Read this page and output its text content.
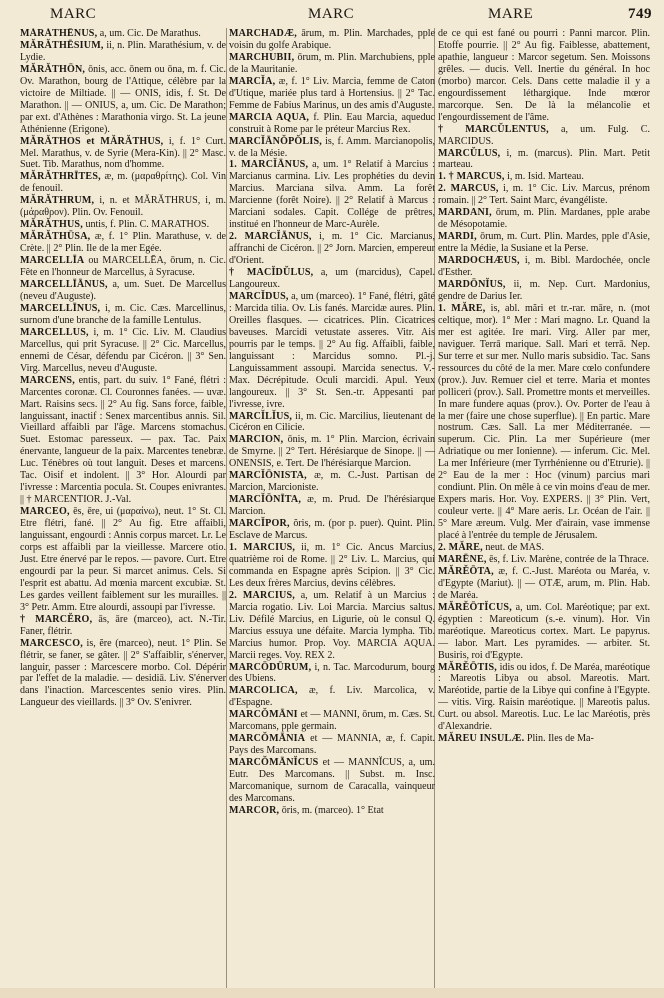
MARC	MARC	MARE	749

MĂRĂTHĒNUS, a, um. Cic. De Marathus.

MĂRĂTHĒSIUM, ii, n. Plin. Marathésium, v. de Lydie.

MĂRĂTHŌN, ōnis, acc. ōnem ou ōna, m. f. Cic. Ov. Marathon, bourg de l'Attique, célèbre par la victoire de Miltiade. || — ONIS, idis, f. St. De Marathon. || — ONIUS, a, um. Cic. De Marathon; par ext. d'Athènes : Marathonia virgo. St. La jeune Athénienne (Erigone).

MĂRĂTHOS et MĂRĂTHUS, i, f. 1° Curt. Mel. Marathus, v. de Syrie (Mera-Kin). || 2° Masc. Suet. Tib. Marathus, nom d'homme.

MĂRĂTHRĪTES, æ, m. (μαραθρίτης). Col. Vin de fenouil.

MĂRĂTHRUM, i, n. et MĂRĂTHRUS, i, m. (μάραθρον). Plin. Ov. Fenouil.

MĂRĂTHUS, untis, f. Plin. C. MARATHOS.

MĂRĂTHŪSA, æ, f. 1° Plin. Marathuse, v. de Crète. || 2° Plin. Ile de la mer Egée.

MARCELLĪA ou MARCELLĒA, ōrum, n. Cic. Fête en l'honneur de Marcellus, à Syracuse.

MARCELLĪĀNUS, a, um. Suet. De Marcellus (neveu d'Auguste).

MARCELLĪNUS, i, m. Cic. Cæs. Marcellinus, surnom d'une branche de la famille Lentulus.

MARCELLUS, i, m. 1° Cic. Liv. M. Claudius Marcellus, qui prit Syracuse. || 2° Cic. Marcellus, ennemi de César, défendu par Cicéron. || 3° Sen. Virg. Marcellus, neveu d'Auguste.

MARCENS, entis, part. du suiv. 1° Fané, flétri : Marcentes coronæ. Cl. Couronnes fanées. — uvæ. Mart. Raisins secs. || 2° Au fig. Sans force, faible, languissant, inactif : Senex marcentibus annis. Sil. Vieillard affaibli par l'âge. Marcens stomachus. Suet. Estomac paresseux. — pax. Tac. Paix énervante, langueur de la paix. Marcentes tenebræ. Luc. Ténèbres où tout languit. Deses et marcens. Tac. Oisif et indolent. || 3° Hor. Alourdi par l'ivresse : Marcentia pocula. St. Coupes enivrantes. || † MARCENTIOR. J.-Val.

MARCEO, ēs, ēre, ui (μαραίνω), neut. 1° St. Cl. Etre flétri, fané. || 2° Au fig. Etre affaibli, languissant, engourdi : Annis corpus marcet. Lr. Le corps est affaibli par la vieillesse. Marcere otio. Just. Etre énervé par le repos. — pavore. Curt. Etre engourdi par la peur. Si marcet animus. Cels. Si l'esprit est abattu. Ad mœnia marcent excubiæ. St. Les gardes veillent faiblement sur les murailles. || 3° Petr. Amm. Etre alourdi, assoupi par l'ivresse.

† MARCĔRO, ās, āre (marceo), act. N.-Tir. Faner, flétrir.

MARCESCO, is, ĕre (marceo), neut. 1° Plin. Se flétrir, se faner, se gâter. || 2° S'affaiblir, s'énerver, languir, passer : Marcescere morbo. Col. Dépérir par l'effet de la maladie. — desidiā. Liv. S'énerver dans l'inaction. Marcescentes senio vires. Plin. Langueur des vieillards. || 3° Ov. S'enivrer.

MARCHADÆ, ārum, m. Plin. Marchades, pple voisin du golfe Arabique.

MARCHUBII, ōrum, m. Plin. Marchubiens, pple de la Mauritanie.

MARCĬA, æ, f. 1° Liv. Marcia, femme de Caton d'Utique, mariée plus tard à Hortensius. || 2° Tac. Femme de Fabius Marinus, un des amis d'Auguste.

MARCIA AQUA, f. Plin. Eau Marcia, aqueduc construit à Rome par le préteur Marcius Rex.

MARCĬĀNŎPŎLIS, is, f. Amm. Marcianopolis, v. de la Mésie.

1. MARCĬĀNUS, a, um. 1° Relatif à Marcius : Marcianus carmina. Liv. Les prophéties du devin Marcius. Marciana silva. Amm. La forêt Marcienne (forêt Noire). || 2° Relatif à Marcus : Marciani sodales. Capit. Collége de prêtres, institué en l'honneur de Marc-Aurèle.

2. MARCĬĀNUS, i, m. 1° Cic. Marcianus, affranchi de Cicéron. || 2° Jorn. Marcien, empereur d'Orient.

† MACĬDŬLUS, a, um (marcidus), Capel. Langoureux.

MARCĬDUS, a, um (marceo). 1° Fané, flétri, gâté : Marcida tilia. Ov. Lis fanés. Marcidæ aures. Plin. Oreilles flasques. — cicatrices. Plin. Cicatrices baveuses. Marcidi vetustate asseres. Vitr. Ais pourris par le temps. || 2° Au fig. Affaibli, faible, languissant : Marcidus somno. Pl.-j. Languissamment assoupi. Marcida senectus. V.-Max. Décrépitude. Oculi marcidi. Apul. Yeux langoureux. || 3° St. Sen.-tr. Appesanti par l'ivresse, ivre.

MARCĬLĬUS, ii, m. Cic. Marcilius, lieutenant de Cicéron en Cilicie.

MARCION, ōnis, m. 1° Plin. Marcion, écrivain de Smyrne. || 2° Tert. Hérésiarque de Sinope. || — ONENSIS, e. Tert. De l'hérésiarque Marcion.

MARCĬŌNISTA, æ, m. C.-Just. Partisan de Marcion, Marcioniste.

MARCĬŌNĪTA, æ, m. Prud. De l'hérésiarque Marcion.

MARCĬPOR, ŏris, m. (por p. puer). Quint. Plin. Esclave de Marcus.

1. MARCIUS, ii, m. 1° Cic. Ancus Marcius, quatrième roi de Rome. || 2° Liv. L. Marcius, qui commanda en Espagne après Scipion. || 3° Cic. Les deux frères Marcius, devins célèbres.

2. MARCIUS, a, um. Relatif à un Marcius : Marcia rogatio. Liv. Loi Marcia. Marcius saltus. Liv. Défilé Marcius, en Ligurie, où le consul Q. Marcius essuya une défaite. Marcia lympha. Tib. Marcius humor. Prop. Voy. MARCIA AQUA. Marcii reges. Voy. REX 2.

MARCŌDŪRUM, i, n. Tac. Marcodurum, bourg des Ubiens.

MARCOLICA, æ, f. Liv. Marcolica, v. d'Espagne.

MARCŎMĀNI et — MANNI, ōrum, m. Cæs. St. Marcomans, pple germain.

MARCŎMĀNIA et — MANNIA, æ, f. Capit. Pays des Marcomans.

MARCŎMĀNĬCUS et — MANNĬCUS, a, um. Eutr. Des Marcomans. || Subst. m. Insc. Marcomanique, surnom de Caracalla, vainqueur des Marcomans.

MARCOR, ōris, m. (marceo). 1° Etat

de ce qui est fané ou pourri : Panni marcor. Plin. Etoffe pourrie. || 2° Au fig. Faiblesse, abattement, apathie, langueur : Marcor segetum. Sen. Moissons grêles. — ducis. Vell. Inertie du général. In hoc (morbo) marcor. Cels. Dans cette maladie il y a engourdissement léthargique. Inde mœror marcorque. Sen. De là la mélancolie et l'engourdissement de l'âme.

† MARCŬLENTUS, a, um. Fulg. C. MARCIDUS.

MARCŬLUS, i, m. (marcus). Plin. Mart. Petit marteau.

1. † MARCUS, i, m. Isid. Marteau.

2. MARCUS, i, m. 1° Cic. Liv. Marcus, prénom romain. || 2° Tert. Saint Marc, évangéliste.

MARDANI, ōrum, m. Plin. Mardanes, pple arabe de Mésopotamie.

MARDI, ōrum, m. Curt. Plin. Mardes, pple d'Asie, entre la Médie, la Susiane et la Perse.

MARDOCHÆUS, i, m. Bibl. Mardochée, oncle d'Esther.

MARDŌNĬUS, ii, m. Nep. Curt. Mardonius, gendre de Darius Ier.

1. MĂRE, is, abl. mări et tr.-rar. māre, n. (mot celtique, mor). 1° Mer : Mari magno. Lr. Quand la mer est agitée. Ire mari. Virg. Aller par mer, naviguer. Terrā marique. Sall. Mari et terrā. Nep. Sur terre et sur mer. Nullo maris subsidio. Tac. Sans ressources du côté de la mer. Mare cœlo confundere (prov.). Juv. Remuer ciel et terre. Maria et montes polliceri (prov.). Sall. Promettre monts et merveilles. In mare fundere aquas (prov.). Ov. Porter de l'eau à la mer (faire une chose superflue). || En partic. Mare nostrum. Cæs. Sall. La mer Méditerranée. — superum. Cic. Plin. La mer Supérieure (mer Adriatique ou mer Ionienne). — inferum. Cic. Mel. La mer Inférieure (mer Tyrrhénienne ou d'Etrurie). || 2° Eau de la mer : Hoc (vinum) parcius mari condiunt. Plin. On mêle à ce vin moins d'eau de mer. Expers maris. Hor. Voy. EXPERS. || 3° Plin. Vert, couleur verte. || 4° Mare aeris. Lr. Océan de l'air. || 5° Mare æreum. Vulg. Mer d'airain, vase immense placé à l'entrée du temple de Jérusalem.

2. MĂRE, neut. de MAS.

MARĒNE, ēs, f. Liv. Marène, contrée de la Thrace.

MĂRĔŌTA, æ, f. C.-Just. Maréota ou Maréa, v. d'Egypte (Mariut). || — OTÆ, arum, m. Plin. Hab. de Maréa.

MĂRĔŌTĬCUS, a, um. Col. Maréotique; par ext. égyptien : Mareoticum (s.-e. vinum). Hor. Vin maréotique. Mareoticus cortex. Mart. Le papyrus. — labor. Mart. Les pyramides. — arbiter. St. Busiris, roi d'Egypte.

MĂRĔŌTIS, idis ou idos, f. De Maréa, maréotique : Mareotis Libya ou absol. Mareotis. Mart. Maréotide, partie de la Libye qui confine à l'Egypte. — vitis. Virg. Raisin maréotique. || Mareotis palus. Curt. ou absol. Mareotis. Luc. Le lac Maréotis, près d'Alexandrie.

MĂREU INSULÆ. Plin. Iles de Ma-
